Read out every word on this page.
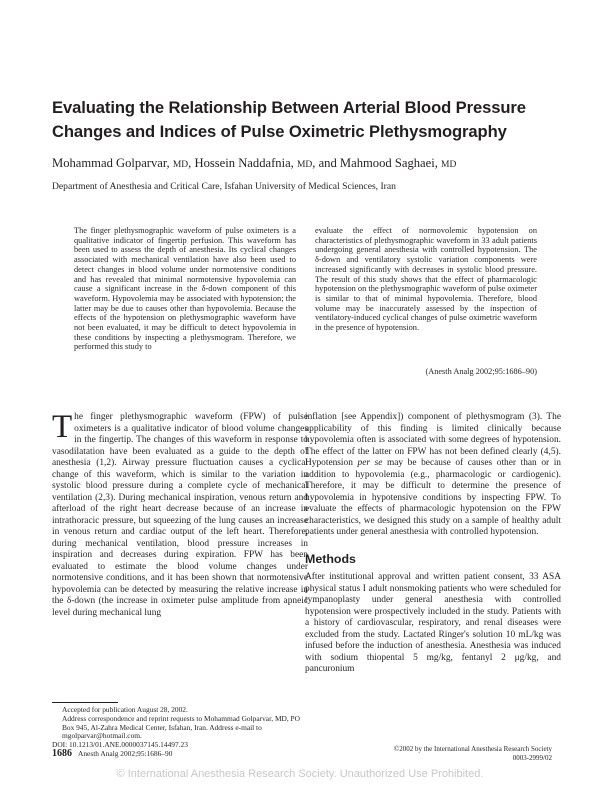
Evaluating the Relationship Between Arterial Blood Pressure
Changes and Indices of Pulse Oximetric Plethysmography
Mohammad Golparvar, MD, Hossein Naddafnia, MD, and Mahmood Saghaei, MD
Department of Anesthesia and Critical Care, Isfahan University of Medical Sciences, Iran
The finger plethysmographic waveform of pulse oximeters is a qualitative indicator of fingertip perfusion. This waveform has been used to assess the depth of anesthesia. Its cyclical changes associated with mechanical ventilation have also been used to detect changes in blood volume under normotensive conditions and has revealed that minimal normotensive hypovolemia can cause a significant increase in the δ-down component of this waveform. Hypovolemia may be associated with hypotension; the latter may be due to causes other than hypovolemia. Because the effects of the hypotension on plethysmographic waveform have not been evaluated, it may be difficult to detect hypovolemia in these conditions by inspecting a plethysmogram. Therefore, we performed this study to
evaluate the effect of normovolemic hypotension on characteristics of plethysmographic waveform in 33 adult patients undergoing general anesthesia with controlled hypotension. The δ-down and ventilatory systolic variation components were increased significantly with decreases in systolic blood pressure. The result of this study shows that the effect of pharmacologic hypotension on the plethysmographic waveform of pulse oximeter is similar to that of minimal hypovolemia. Therefore, blood volume may be inaccurately assessed by the inspection of ventilatory-induced cyclical changes of pulse oximetric waveform in the presence of hypotension.
(Anesth Analg 2002;95:1686–90)

The finger plethysmographic waveform (FPW) of pulse oximeters is a qualitative indicator of blood volume changes in the fingertip. The changes of this waveform in response to vasodilatation have been evaluated as a guide to the depth of anesthesia (1,2). Airway pressure fluctuation causes a cyclical change of this waveform, which is similar to the variation in systolic blood pressure during a complete cycle of mechanical ventilation (2,3). During mechanical inspiration, venous return and afterload of the right heart decrease because of an increase in intrathoracic pressure, but squeezing of the lung causes an increase in venous return and cardiac output of the left heart. Therefore, during mechanical ventilation, blood pressure increases in inspiration and decreases during expiration. FPW has been evaluated to estimate the blood volume changes under normotensive conditions, and it has been shown that normotensive hypovolemia can be detected by measuring the relative increase in the δ-down (the increase in oximeter pulse amplitude from apneic level during mechanical lung

inflation [see Appendix]) component of plethysmogram (3). The applicability of this finding is limited clinically because hypovolemia often is associated with some degrees of hypotension. The effect of the latter on FPW has not been defined clearly (4,5). Hypotension per se may be because of causes other than or in addition to hypovolemia (e.g., pharmacologic or cardiogenic). Therefore, it may be difficult to determine the presence of hypovolemia in hypotensive conditions by inspecting FPW. To evaluate the effects of pharmacologic hypotension on the FPW characteristics, we designed this study on a sample of healthy adult patients under general anesthesia with controlled hypotension.

Methods

After institutional approval and written patient consent, 33 ASA physical status I adult nonsmoking patients who were scheduled for tympanoplasty under general anesthesia with controlled hypotension were prospectively included in the study. Patients with a history of cardiovascular, respiratory, and renal diseases were excluded from the study. Lactated Ringer's solution 10 mL/kg was infused before the induction of anesthesia. Anesthesia was induced with sodium thiopental 5 mg/kg, fentanyl 2 μg/kg, and pancuronium

Accepted for publication August 28, 2002.

Address correspondence and reprint requests to Mohammad Golparvar, MD, PO Box 945, Al-Zahra Medical Center, Isfahan, Iran. Address e-mail to mgolparvar@hotmail.com.

DOI: 10.1213/01.ANE.0000037145.14497.23

1686 Anesth Analg 2002;95:1686–90	©2002 by the International Anesthesia Research Society
0003-2999/02
© International Anesthesia Research Society. Unauthorized Use Prohibited.
